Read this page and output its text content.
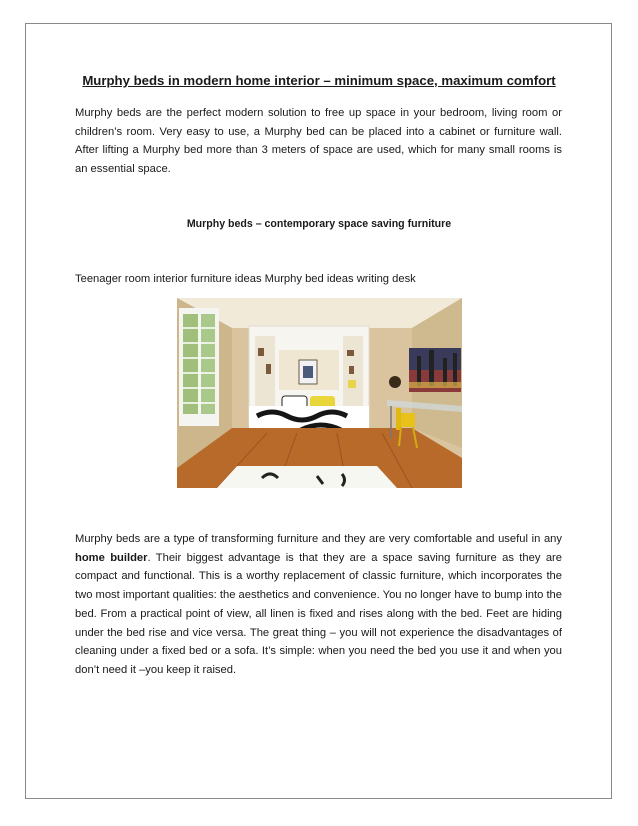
Murphy beds in modern home interior – minimum space, maximum comfort

Murphy beds are the perfect modern solution to free up space in your bedroom, living room or children’s room. Very easy to use, a Murphy bed can be placed into a cabinet or furniture wall. After lifting a Murphy bed more than 3 meters of space are used, which for many small rooms is an essential space.

Murphy beds – contemporary space saving furniture

Teenager room interior furniture ideas Murphy bed ideas writing desk

Murphy beds are a type of transforming furniture and they are very comfortable and useful in any home builder. Their biggest advantage is that they are a space saving furniture as they are compact and functional. This is a worthy replacement of classic furniture, which incorporates the two most important qualities: the aesthetics and convenience. You no longer have to bump into the bed. From a practical point of view, all linen is fixed and rises along with the bed. Feet are hiding under the bed rise and vice versa. The great thing – you will not experience the disadvantages of cleaning under a fixed bed or a sofa. It’s simple: when you need the bed you use it and when you don’t need it –you keep it raised.
